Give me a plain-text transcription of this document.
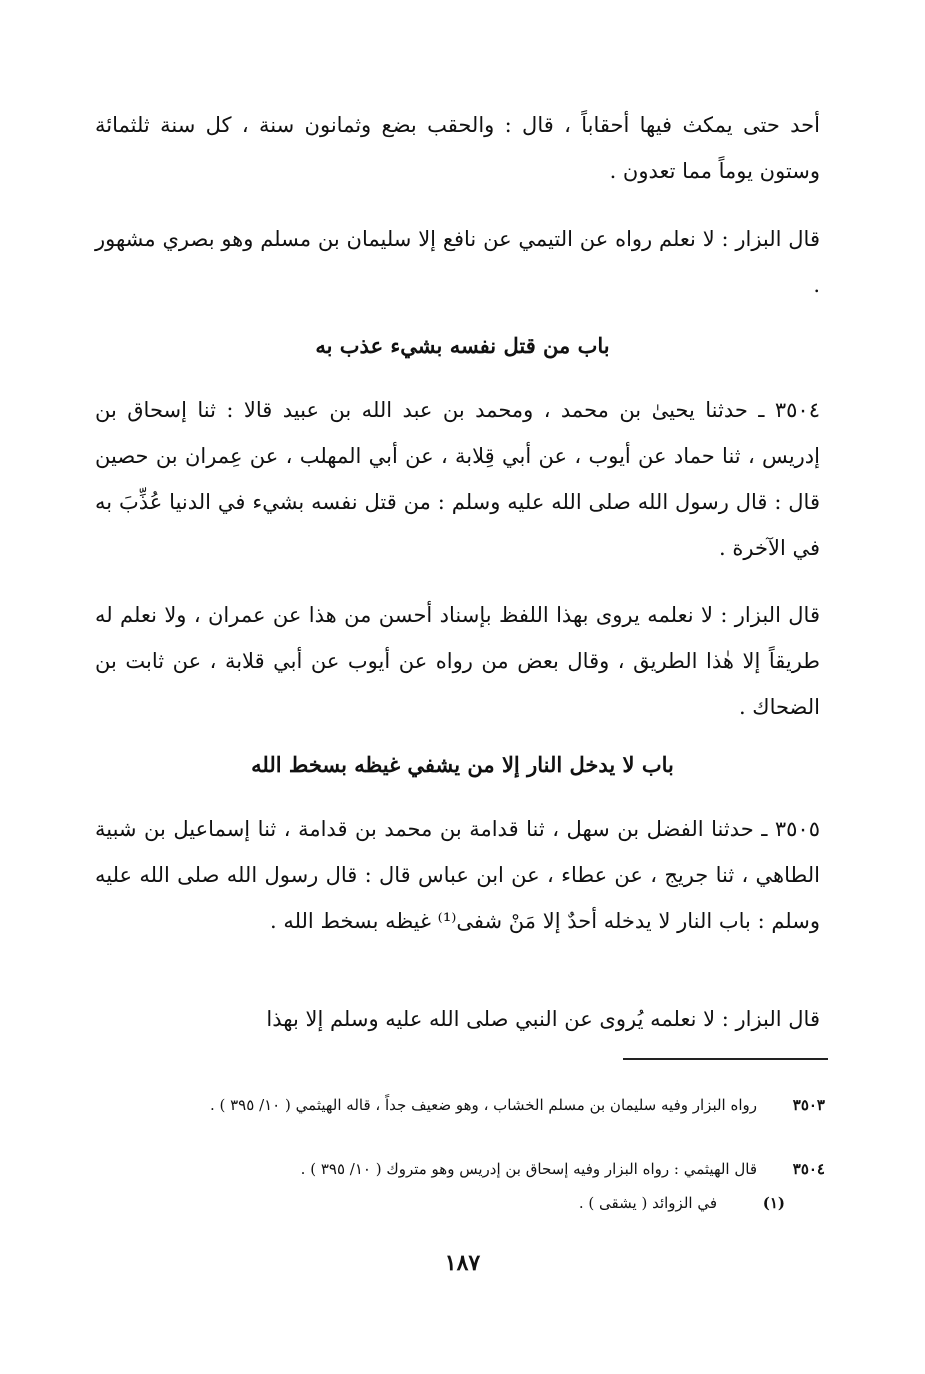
أحد حتى يمكث فيها أحقاباً ، قال : والحقب بضع وثمانون سنة ، كل سنة ثلثمائة وستون يوماً مما تعدون .

قال البزار : لا نعلم رواه عن التيمي عن نافع إلا سليمان بن مسلم وهو بصري مشهور .

باب من قتل نفسه بشيء عذب به

٣٥٠٤ ـ حدثنا يحيىٰ بن محمد ، ومحمد بن عبد الله بن عبيد قالا : ثنا إسحاق بن إدريس ، ثنا حماد عن أيوب ، عن أبي قِلابة ، عن أبي المهلب ، عن عِمران بن حصين قال : قال رسول الله صلى الله عليه وسلم : من قتل نفسه بشيء في الدنيا عُذِّبَ به في الآخرة .

قال البزار : لا نعلمه يروى بهذا اللفظ بإسناد أحسن من هذا عن عمران ، ولا نعلم له طريقاً إلا هٰذا الطريق ، وقال بعض من رواه عن أيوب عن أبي قلابة ، عن ثابت بن الضحاك .

باب لا يدخل النار إلا من يشفي غيظه بسخط الله

٣٥٠٥ ـ حدثنا الفضل بن سهل ، ثنا قدامة بن محمد بن قدامة ، ثنا إسماعيل بن شبية الطاهي ، ثنا جريج ، عن عطاء ، عن ابن عباس قال : قال رسول الله صلى الله عليه وسلم : باب النار لا يدخله أحدٌ إلا مَنْ شفى⁽¹⁾ غيظه بسخط الله .

قال البزار : لا نعلمه يُروى عن النبي صلى الله عليه وسلم إلا بهذا

٣٥٠٣
رواه البزار وفيه سليمان بن مسلم الخشاب ، وهو ضعيف جداً ، قاله الهيثمي ( ١٠/ ٣٩٥ ) .
٣٥٠٤
قال الهيثمي : رواه البزار وفيه إسحاق بن إدريس وهو متروك ( ١٠/ ٣٩٥ ) .
(١)
في الزوائد ( يشقى ) .
١٨٧
